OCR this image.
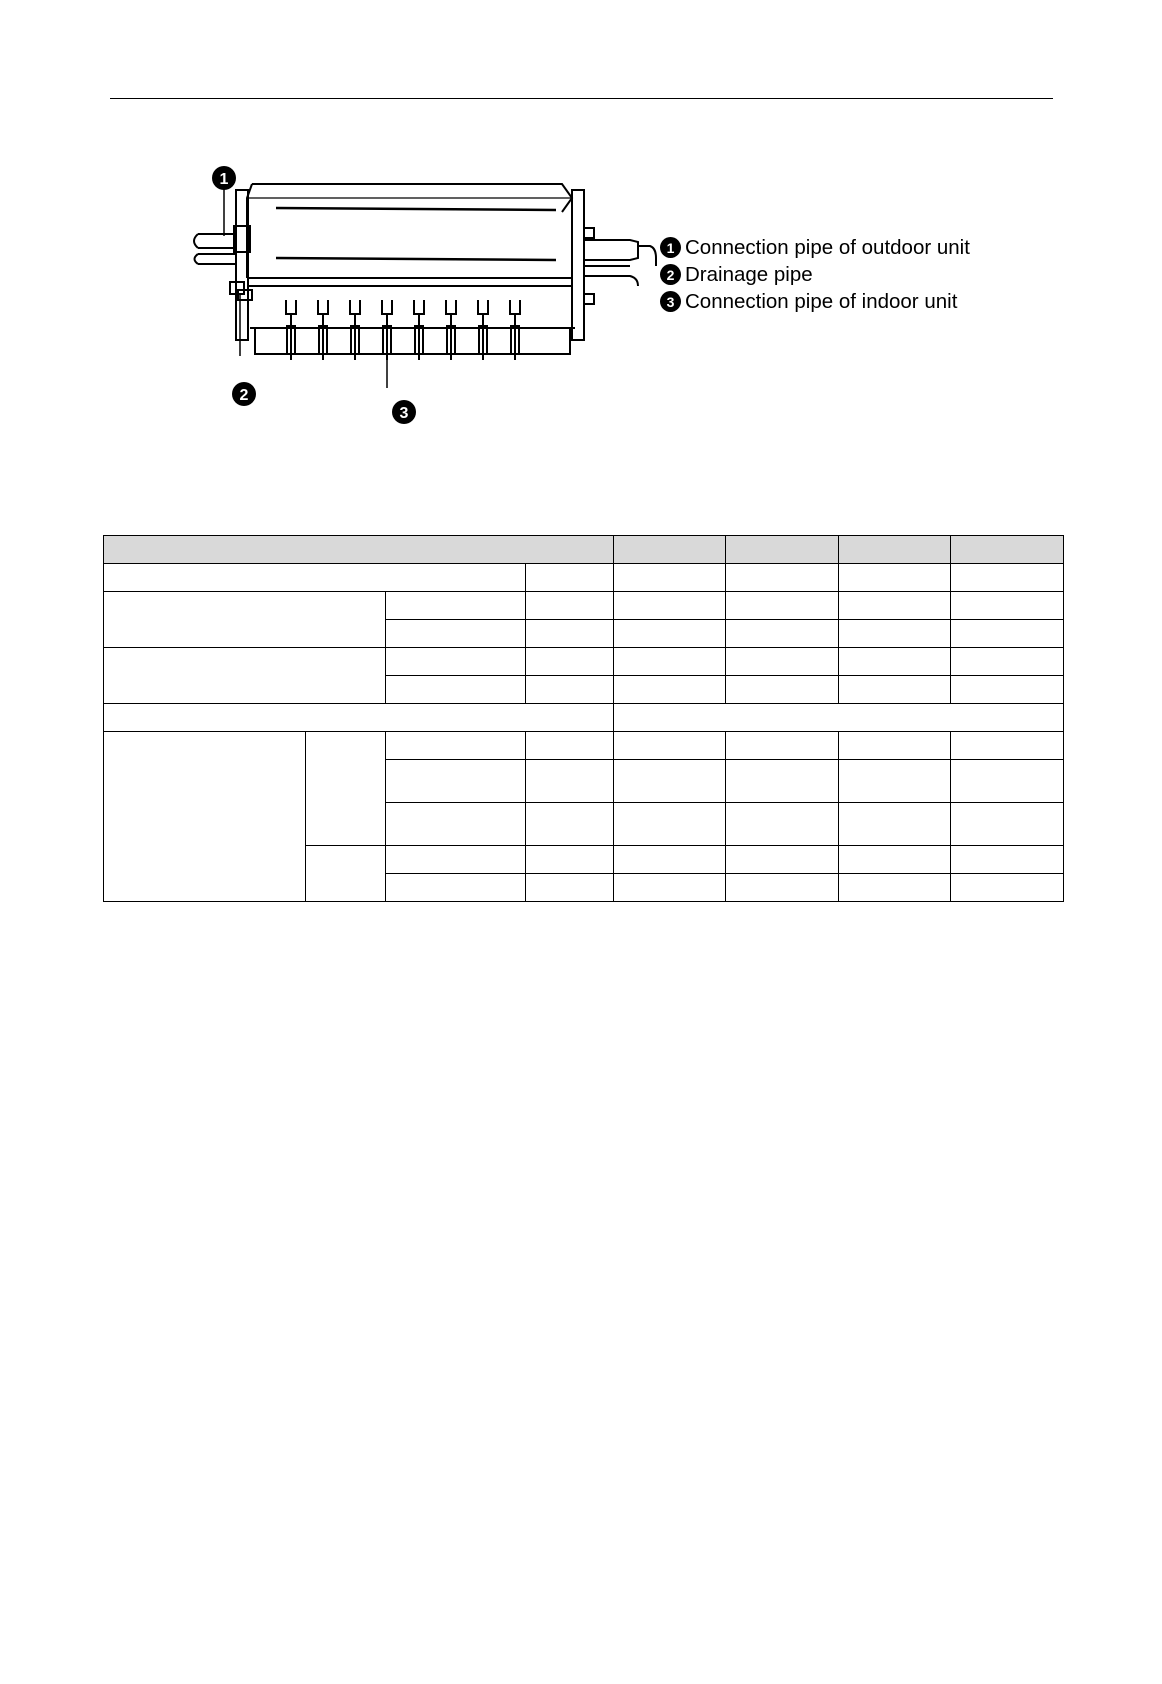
1
2
3
1 Connection pipe of outdoor unit
2 Drainage pipe
3 Connection pipe of indoor unit
